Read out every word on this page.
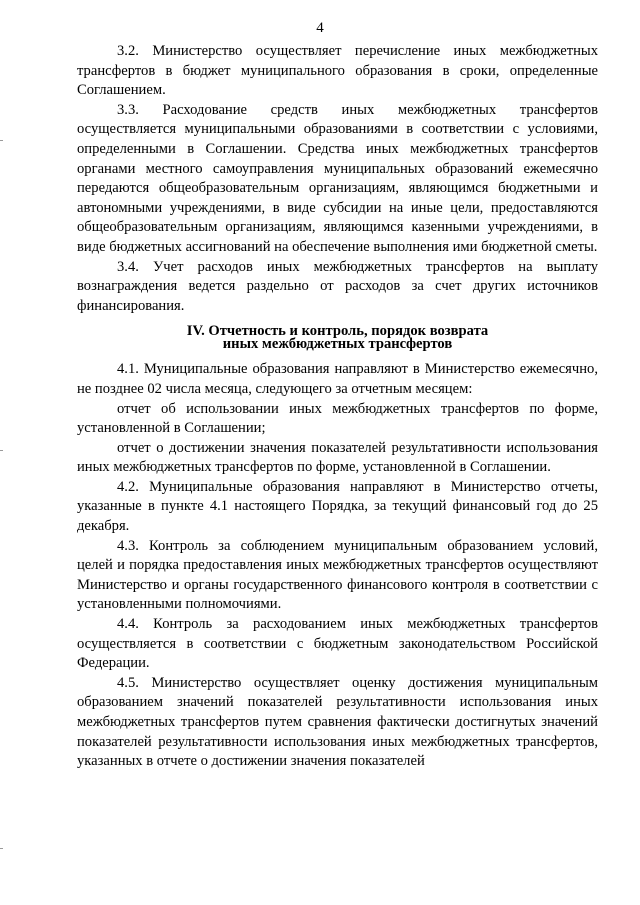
4

3.2. Министерство осуществляет перечисление иных межбюджетных трансфертов в бюджет муниципального образования в сроки, определенные Соглашением.

3.3. Расходование средств иных межбюджетных трансфертов осуществляется муниципальными образованиями в соответствии с условиями, определенными в Соглашении. Средства иных межбюджетных трансфертов органами местного самоуправления муниципальных образований ежемесячно передаются общеобразовательным организациям, являющимся бюджетными и автономными учреждениями, в виде субсидии на иные цели, предоставляются общеобразовательным организациям, являющимся казенными учреждениями, в виде бюджетных ассигнований на обеспечение выполнения ими бюджетной сметы.

3.4. Учет расходов иных межбюджетных трансфертов на выплату вознаграждения ведется раздельно от расходов за счет других источников финансирования.

IV. Отчетность и контроль, порядок возврата
иных межбюджетных трансфертов

4.1. Муниципальные образования направляют в Министерство ежемесячно, не позднее 02 числа месяца, следующего за отчетным месяцем:

отчет об использовании иных межбюджетных трансфертов по форме, установленной в Соглашении;

отчет о достижении значения показателей результативности использования иных межбюджетных трансфертов по форме, установленной в Соглашении.

4.2. Муниципальные образования направляют в Министерство отчеты, указанные в пункте 4.1 настоящего Порядка, за текущий финансовый год до 25 декабря.

4.3. Контроль за соблюдением муниципальным образованием условий, целей и порядка предоставления иных межбюджетных трансфертов осуществляют Министерство и органы государственного финансового контроля в соответствии с установленными полномочиями.

4.4. Контроль за расходованием иных межбюджетных трансфертов осуществляется в соответствии с бюджетным законодательством Российской Федерации.

4.5. Министерство осуществляет оценку достижения муниципальным образованием значений показателей результативности использования иных межбюджетных трансфертов путем сравнения фактически достигнутых значений показателей результативности использования иных межбюджетных трансфертов, указанных в отчете о достижении значения показателей
